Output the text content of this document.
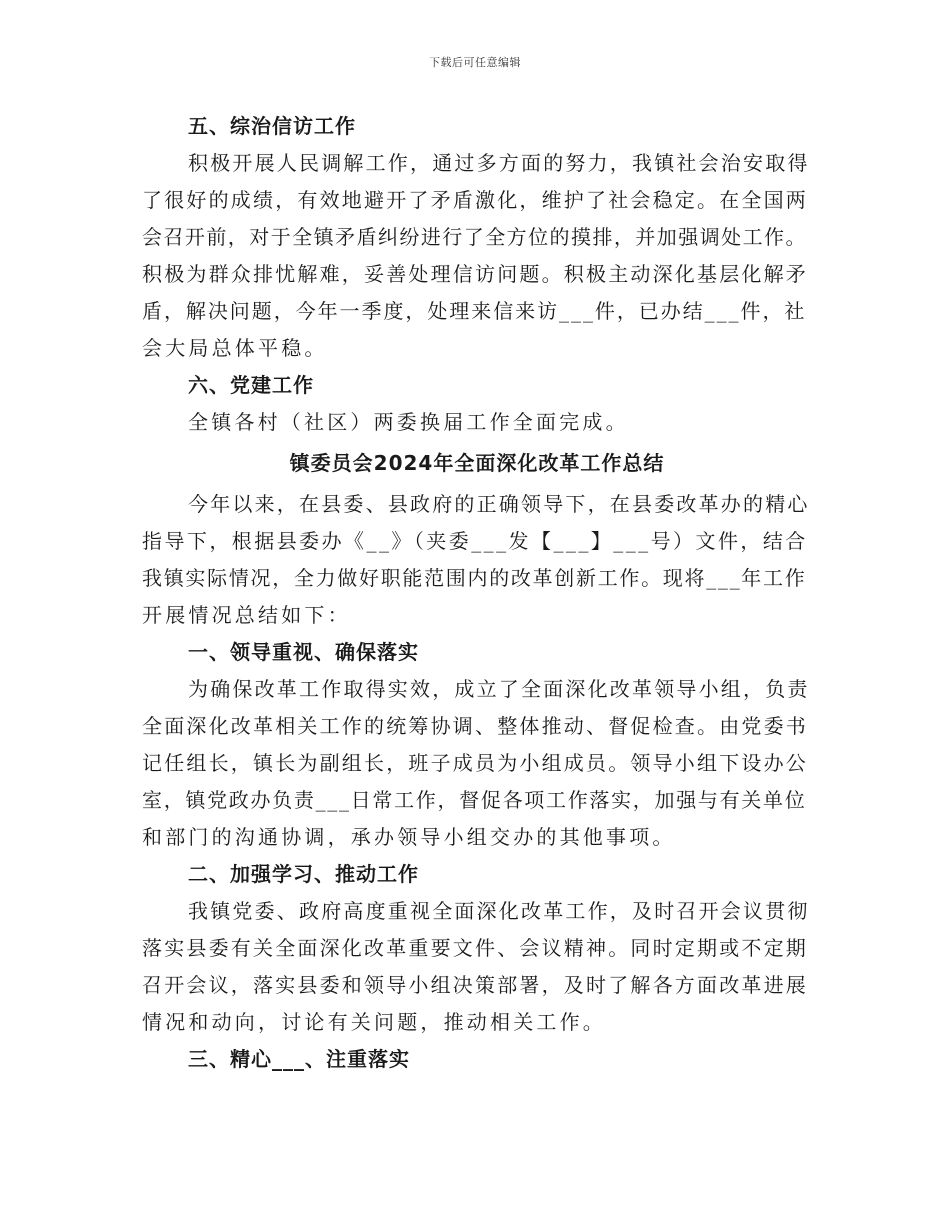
下载后可任意编辑
五、综治信访工作
积极开展人民调解工作，通过多方面的努力，我镇社会治安取得
了很好的成绩，有效地避开了矛盾激化，维护了社会稳定。在全国两
会召开前，对于全镇矛盾纠纷进行了全方位的摸排，并加强调处工作。
积极为群众排忧解难，妥善处理信访问题。积极主动深化基层化解矛
盾，解决问题，今年一季度，处理来信来访___件，已办结___件，社
会大局总体平稳。
六、党建工作
全镇各村（社区）两委换届工作全面完成。
镇委员会2024年全面深化改革工作总结
今年以来，在县委、县政府的正确领导下，在县委改革办的精心
指导下，根据县委办《__》（夹委___发【___】___号）文件，结合
我镇实际情况，全力做好职能范围内的改革创新工作。现将___年工作
开展情况总结如下：
一、领导重视、确保落实
为确保改革工作取得实效，成立了全面深化改革领导小组，负责
全面深化改革相关工作的统筹协调、整体推动、督促检查。由党委书
记任组长，镇长为副组长，班子成员为小组成员。领导小组下设办公
室，镇党政办负责___日常工作，督促各项工作落实，加强与有关单位
和部门的沟通协调，承办领导小组交办的其他事项。
二、加强学习、推动工作
我镇党委、政府高度重视全面深化改革工作，及时召开会议贯彻
落实县委有关全面深化改革重要文件、会议精神。同时定期或不定期
召开会议，落实县委和领导小组决策部署，及时了解各方面改革进展
情况和动向，讨论有关问题，推动相关工作。
三、精心___、注重落实
